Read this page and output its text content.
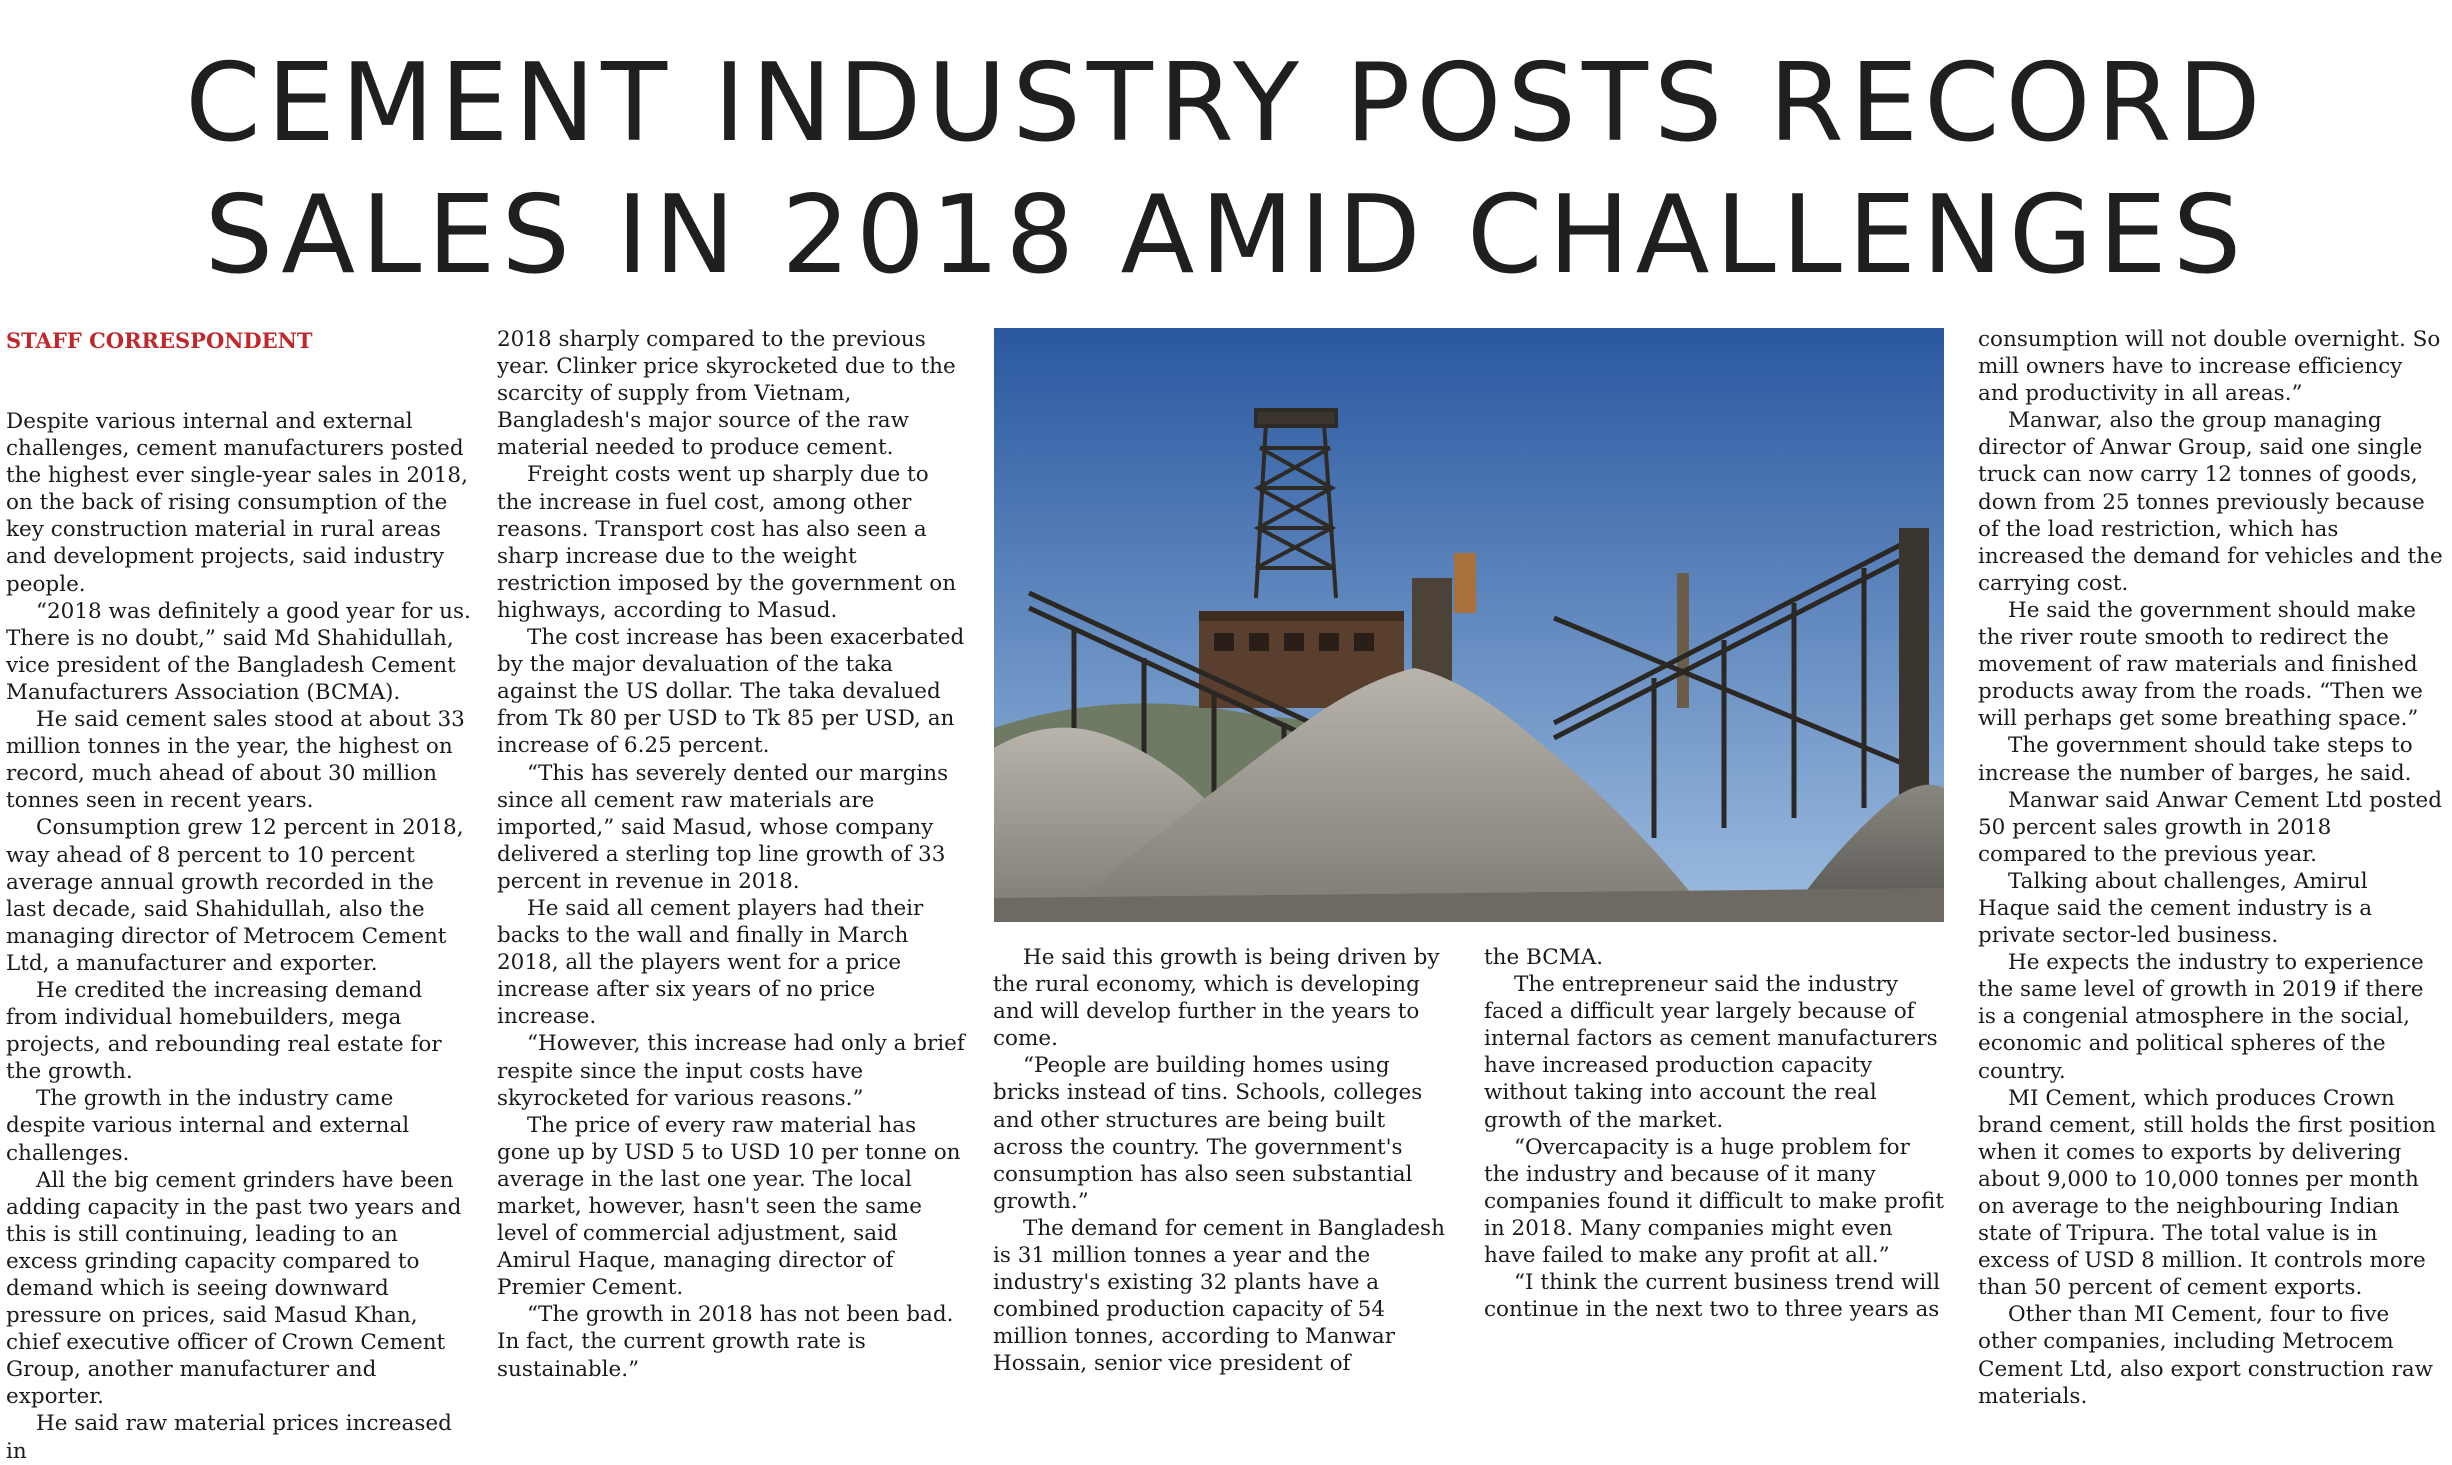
CEMENT INDUSTRY POSTS RECORD
SALES IN 2018 AMID CHALLENGES
STAFF CORRESPONDENT

Despite various internal and external challenges, cement manufacturers posted the highest ever single-year sales in 2018, on the back of rising consumption of the key construction material in rural areas and development projects, said industry people.

“2018 was definitely a good year for us. There is no doubt,” said Md Shahidullah, vice president of the Bangladesh Cement Manufacturers Association (BCMA).

He said cement sales stood at about 33 million tonnes in the year, the highest on record, much ahead of about 30 million tonnes seen in recent years.

Consumption grew 12 percent in 2018, way ahead of 8 percent to 10 percent average annual growth recorded in the last decade, said Shahidullah, also the managing director of Metrocem Cement Ltd, a manufacturer and exporter.

He credited the increasing demand from individual homebuilders, mega projects, and rebounding real estate for the growth.

The growth in the industry came despite various internal and external challenges.

All the big cement grinders have been adding capacity in the past two years and this is still continuing, leading to an excess grinding capacity compared to demand which is seeing downward pressure on prices, said Masud Khan, chief executive officer of Crown Cement Group, another manufacturer and exporter.

He said raw material prices increased in

2018 sharply compared to the previous year. Clinker price skyrocketed due to the scarcity of supply from Vietnam, Bangladesh's major source of the raw material needed to produce cement.

Freight costs went up sharply due to the increase in fuel cost, among other reasons. Transport cost has also seen a sharp increase due to the weight restriction imposed by the government on highways, according to Masud.

The cost increase has been exacerbated by the major devaluation of the taka against the US dollar. The taka devalued from Tk 80 per USD to Tk 85 per USD, an increase of 6.25 percent.

“This has severely dented our margins since all cement raw materials are imported,” said Masud, whose company delivered a sterling top line growth of 33 percent in revenue in 2018.

He said all cement players had their backs to the wall and finally in March 2018, all the players went for a price increase after six years of no price increase.

“However, this increase had only a brief respite since the input costs have skyrocketed for various reasons.”

The price of every raw material has gone up by USD 5 to USD 10 per tonne on average in the last one year. The local market, however, hasn't seen the same level of commercial adjustment, said Amirul Haque, managing director of Premier Cement.

“The growth in 2018 has not been bad. In fact, the current growth rate is sustainable.”

He said this growth is being driven by the rural economy, which is developing and will develop further in the years to come.

“People are building homes using bricks instead of tins. Schools, colleges and other structures are being built across the country. The government's consumption has also seen substantial growth.”

The demand for cement in Bangladesh is 31 million tonnes a year and the industry's existing 32 plants have a combined production capacity of 54 million tonnes, according to Manwar Hossain, senior vice president of

the BCMA.

The entrepreneur said the industry faced a difficult year largely because of internal factors as cement manufacturers have increased production capacity without taking into account the real growth of the market.

“Overcapacity is a huge problem for the industry and because of it many companies found it difficult to make profit in 2018. Many companies might even have failed to make any profit at all.”

“I think the current business trend will continue in the next two to three years as

consumption will not double overnight. So mill owners have to increase efficiency and productivity in all areas.”

Manwar, also the group managing director of Anwar Group, said one single truck can now carry 12 tonnes of goods, down from 25 tonnes previously because of the load restriction, which has increased the demand for vehicles and the carrying cost.

He said the government should make the river route smooth to redirect the movement of raw materials and finished products away from the roads. “Then we will perhaps get some breathing space.”

The government should take steps to increase the number of barges, he said.

Manwar said Anwar Cement Ltd posted 50 percent sales growth in 2018 compared to the previous year.

Talking about challenges, Amirul Haque said the cement industry is a private sector-led business.

He expects the industry to experience the same level of growth in 2019 if there is a congenial atmosphere in the social, economic and political spheres of the country.

MI Cement, which produces Crown brand cement, still holds the first position when it comes to exports by delivering about 9,000 to 10,000 tonnes per month on average to the neighbouring Indian state of Tripura. The total value is in excess of USD 8 million. It controls more than 50 percent of cement exports.

Other than MI Cement, four to five other companies, including Metrocem Cement Ltd, also export construction raw materials.
